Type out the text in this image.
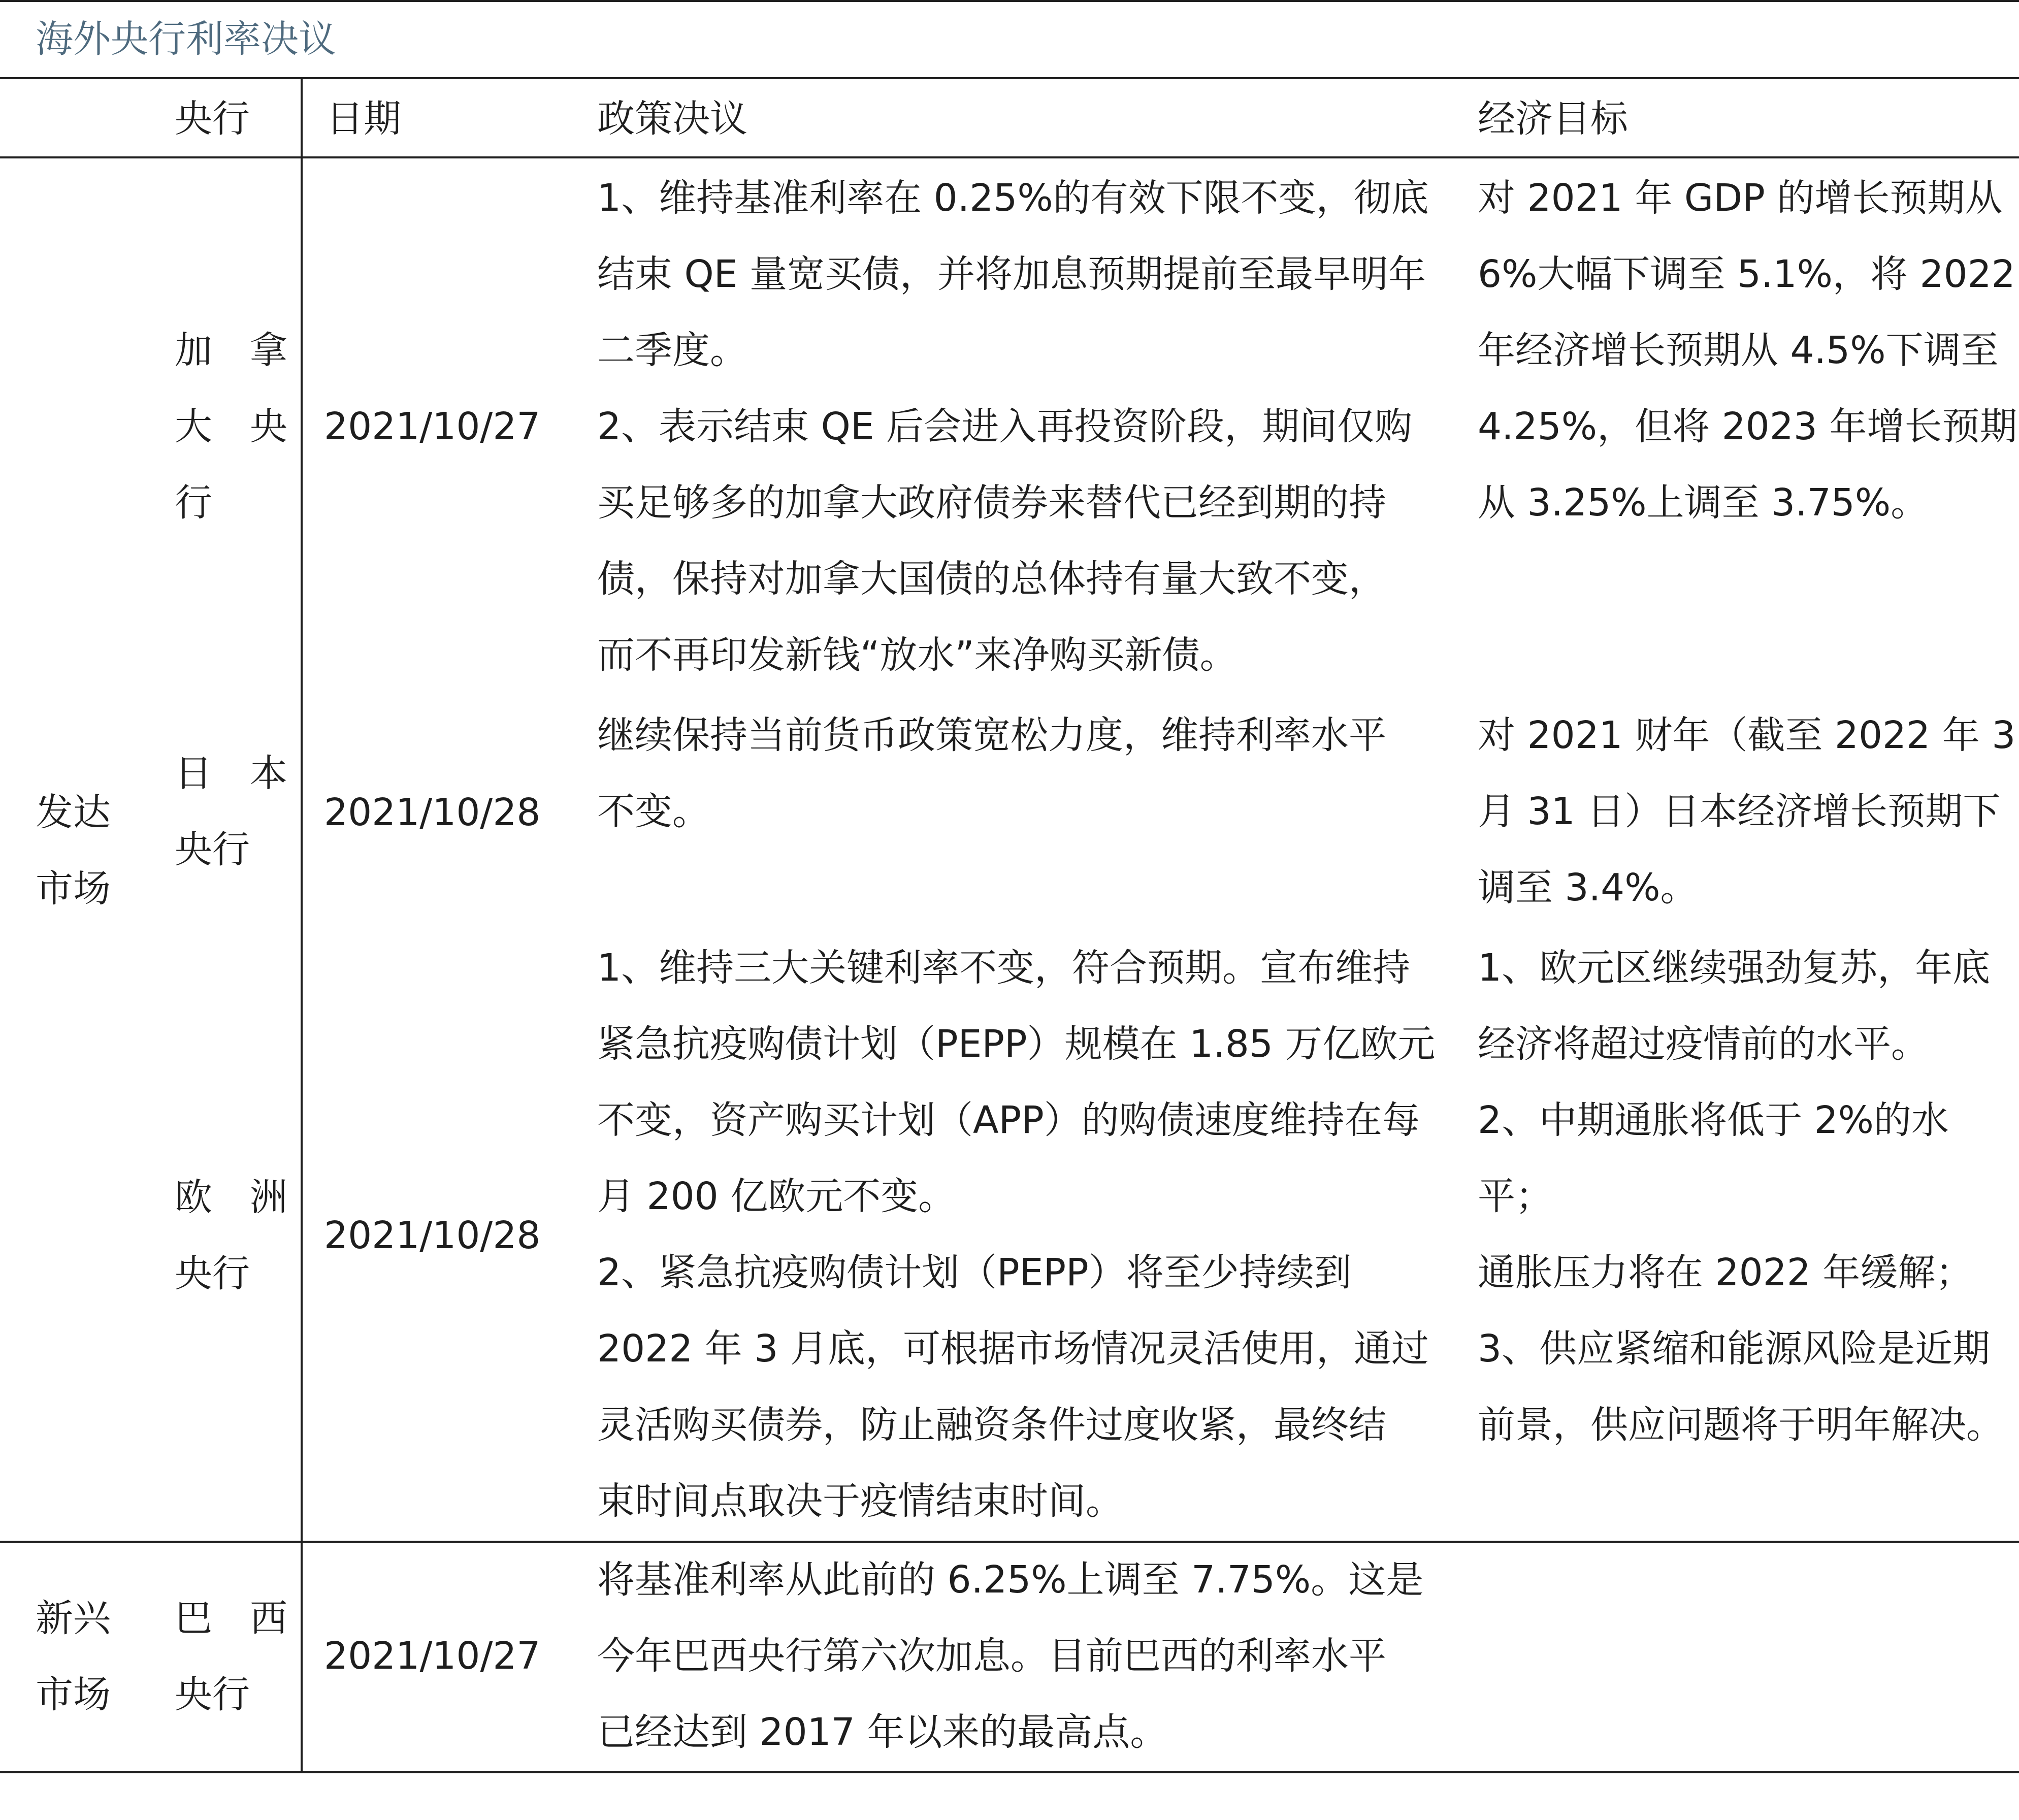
海外央行利率决议
央行 日期	政策决议	经济目标
发达
市场
加　拿
大　央
行
2021/10/27
1、维持基准利率在 0.25%的有效下限不变，彻底
结束 QE 量宽买债，并将加息预期提前至最早明年
二季度。
2、表示结束 QE 后会进入再投资阶段，期间仅购
买足够多的加拿大政府债券来替代已经到期的持
债，保持对加拿大国债的总体持有量大致不变，
而不再印发新钱“放水”来净购买新债。
对 2021 年 GDP 的增长预期从
6%大幅下调至 5.1%，将 2022
年经济增长预期从 4.5%下调至
4.25%，但将 2023 年增长预期
从 3.25%上调至 3.75%。
日　本
央行
2021/10/28
继续保持当前货币政策宽松力度，维持利率水平
不变。
对 2021 财年（截至 2022 年 3
月 31 日）日本经济增长预期下
调至 3.4%。
欧　洲
央行
2021/10/28
1、维持三大关键利率不变，符合预期。宣布维持
紧急抗疫购债计划（PEPP）规模在 1.85 万亿欧元
不变，资产购买计划（APP）的购债速度维持在每
月 200 亿欧元不变。
2、紧急抗疫购债计划（PEPP）将至少持续到
2022 年 3 月底，可根据市场情况灵活使用，通过
灵活购买债券，防止融资条件过度收紧，最终结
束时间点取决于疫情结束时间。
1、欧元区继续强劲复苏，年底
经济将超过疫情前的水平。
2、中期通胀将低于 2%的水平；
通胀压力将在 2022 年缓解；
3、供应紧缩和能源风险是近期
前景，供应问题将于明年解决。
新兴
市场
巴　西
央行
2021/10/27
将基准利率从此前的 6.25%上调至 7.75%。这是
今年巴西央行第六次加息。目前巴西的利率水平
已经达到 2017 年以来的最高点。
